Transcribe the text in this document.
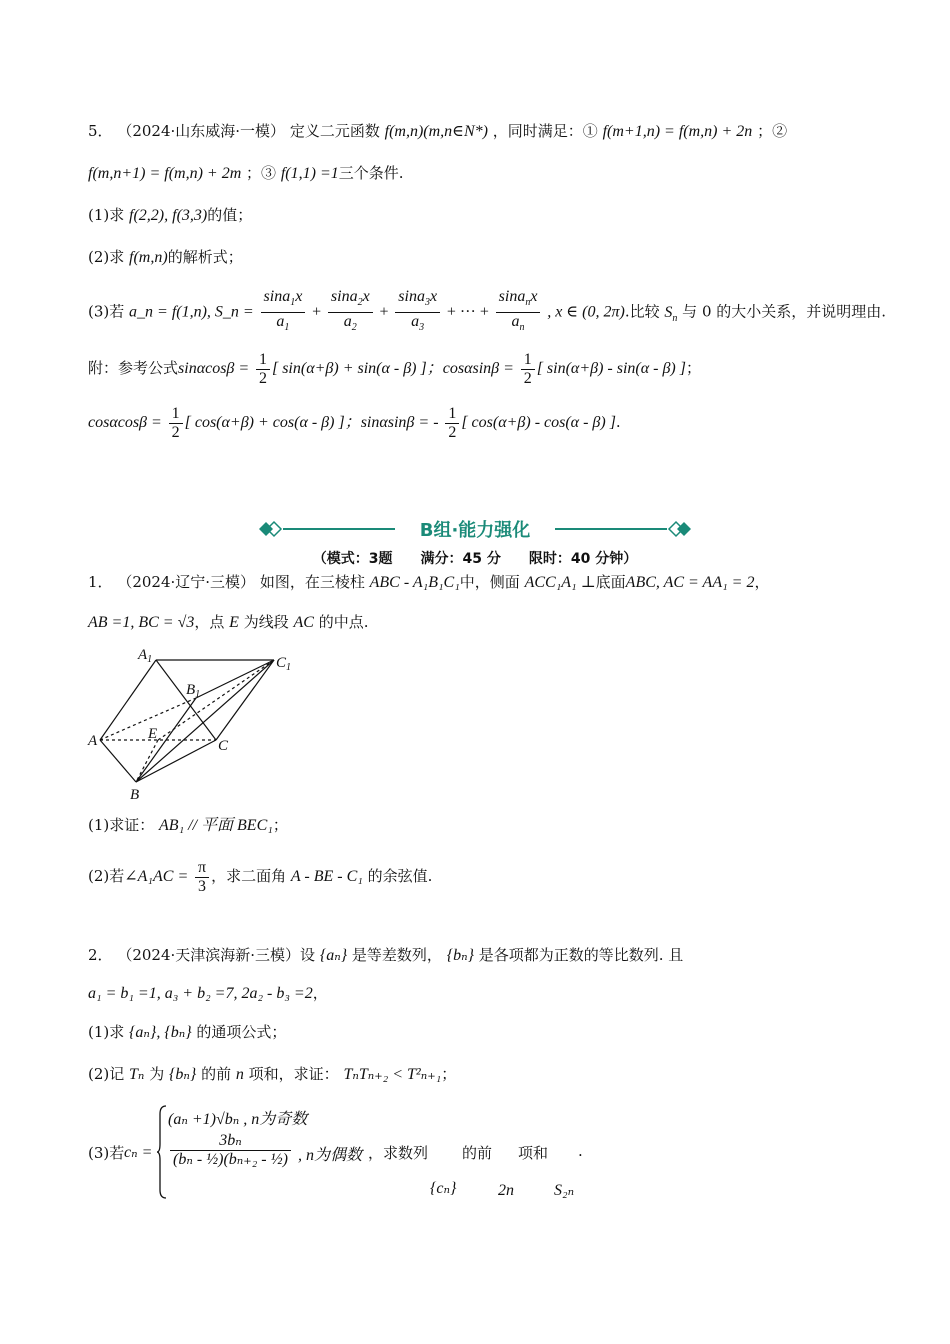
5． （2024·山东威海·一模） 定义二元函数 f(m,n)(m,n∈N*) ，同时满足：① f(m+1,n) = f(m,n) + 2n ；②
f(m,n+1) = f(m,n) + 2m ；③ f(1,1) =1三个条件.
(1)求 f(2,2), f(3,3)的值；
(2)求 f(m,n)的解析式；
(3)若 a_n = f(1,n), S_n = $\frac{\sin a_1x}{a_1} + \frac{\sin a_2x}{a_2} + \frac{\sin a_3x}{a_3}$ + ··· + $\frac{\sin a_nx}{a_n}$ , x ∈ (0, 2π).比较 $S_n$ 与 0 的大小关系，并说明理由.
附：参考公式$\sin\alpha\cos\beta = \frac{1}{2}$ [ sin(α+β) + sin(α - β) ]；$\cos\alpha\sin\beta = \frac{1}{2}$ [ sin(α+β) - sin(α - β) ]；
$\cos\alpha\cos\beta = \frac{1}{2}$ [ cos(α+β) + cos(α - β) ]；sinαsinβ = - $\frac{1}{2}$ [ cos(α+β) - cos(α - β) ].
B组·能力强化
（模式：3题　　满分：45 分　　限时：40 分钟）
1． （2024·辽宁·三模） 如图，在三棱柱 ABC - A₁B₁C₁中，侧面 ACC₁A₁ ⊥底面ABC, AC = AA₁ = 2，
AB =1, BC = √3，点 E 为线段 AC 的中点.
$A_1$	$C_1$
$B_1$
A	E
C
B
(1)求证： AB₁ // 平面 BEC₁；
(2)若∠A₁AC = $\frac{\pi}{3}$ ，求二面角 A - BE - C₁ 的余弦值.
2． （2024·天津滨海新·三模）设 {aₙ} 是等差数列， {bₙ} 是各项都为正数的等比数列. 且
a₁ = b₁ =1, a₃ + b₂ =7, 2a₂ - b₃ =2，
(1)求 {aₙ}, {bₙ} 的通项公式；
(2)记 Tₙ 为 {bₙ} 的前 n 项和，求证： TₙTₙ₊₂ < T²ₙ₊₁；
(3)若 cₙ =
(aₙ +1)√bₙ , n为奇数
$\frac{\text{3bₙ}}{\text{(bₙ - ½)(bₙ₊₂ - ½)}}$ , n为偶数 ，求数列 的前 项和 .
{cₙ}	2n	S₂ₙ
